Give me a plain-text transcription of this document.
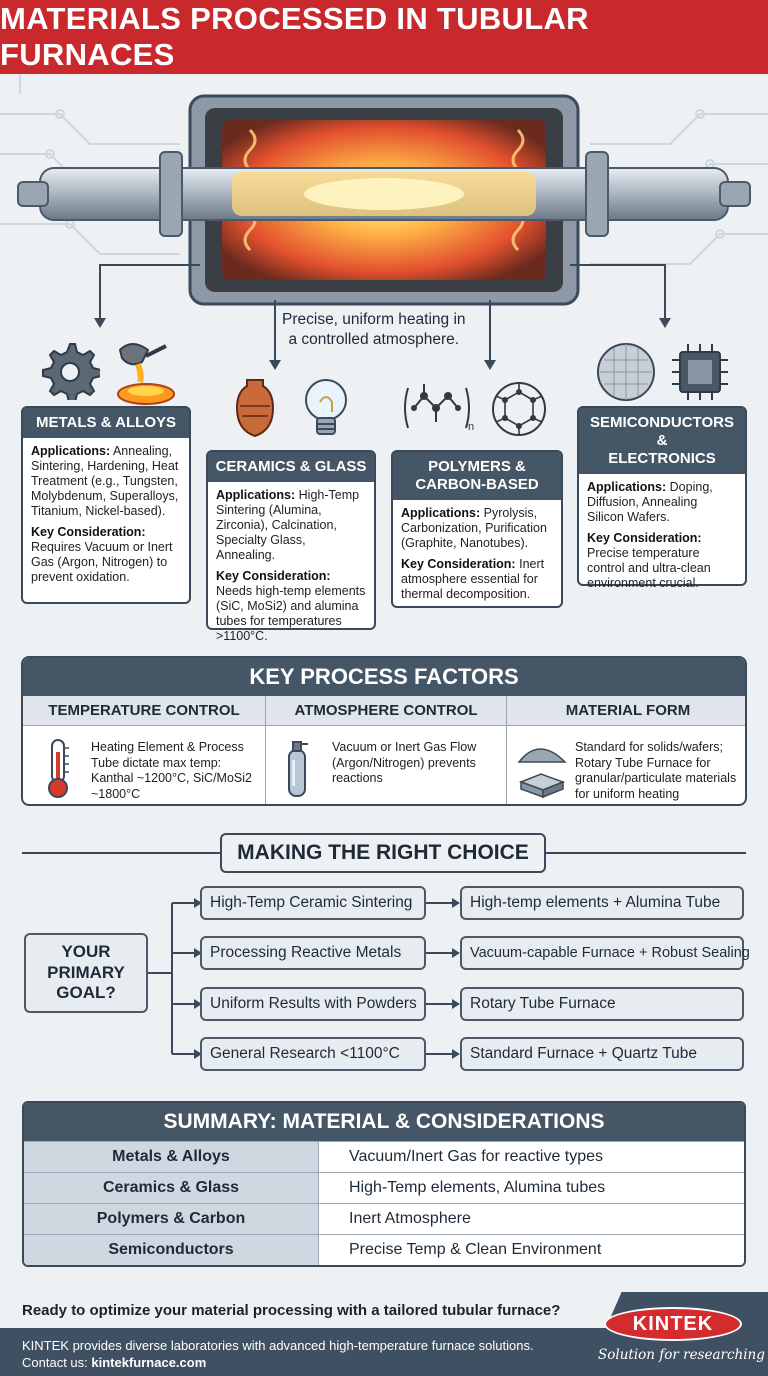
MATERIALS PROCESSED IN TUBULAR FURNACES
Precise, uniform heating in
a controlled atmosphere.
n
METALS & ALLOYS

Applications: Annealing, Sintering, Hardening, Heat Treatment (e.g., Tungsten, Molybdenum, Superalloys, Titanium, Nickel-based).

Key Consideration: Requires Vacuum or Inert Gas (Argon, Nitrogen) to prevent oxidation.

CERAMICS & GLASS

Applications: High-Temp Sintering (Alumina, Zirconia), Calcination, Specialty Glass, Annealing.

Key Consideration: Needs high-temp elements (SiC, MoSi2) and alumina tubes for temperatures >1100°C.

POLYMERS &
CARBON-BASED

Applications: Pyrolysis, Carbonization, Purification (Graphite, Nanotubes).

Key Consideration: Inert atmosphere essential for thermal decomposition.

SEMICONDUCTORS &
ELECTRONICS

Applications: Doping, Diffusion, Annealing Silicon Wafers.

Key Consideration: Precise temperature control and ultra-clean environment crucial.

KEY PROCESS FACTORS
TEMPERATURE CONTROL
Heating Element & Process Tube dictate max temp: Kanthal ~1200°C, SiC/MoSi2 ~1800°C
ATMOSPHERE CONTROL
Vacuum or Inert Gas Flow (Argon/Nitrogen) prevents reactions
MATERIAL FORM
Standard for solids/wafers; Rotary Tube Furnace for granular/particulate materials for uniform heating
MAKING THE RIGHT CHOICE
YOUR PRIMARY GOAL?
High-Temp Ceramic Sintering
Processing Reactive Metals
Uniform Results with Powders
General Research <1100°C
High-temp elements + Alumina Tube
Vacuum-capable Furnace + Robust Sealing
Rotary Tube Furnace
Standard Furnace + Quartz Tube
SUMMARY: MATERIAL & CONSIDERATIONS
Metals & Alloys	Vacuum/Inert Gas for reactive types
Ceramics & Glass	High-Temp elements, Alumina tubes
Polymers & Carbon	Inert Atmosphere
Semiconductors	Precise Temp & Clean Environment
Ready to optimize your material processing with a tailored tubular furnace?
KINTEK provides diverse laboratories with advanced high-temperature furnace solutions.
Contact us: kintekfurnace.com
KINTEK
Solution for researching
